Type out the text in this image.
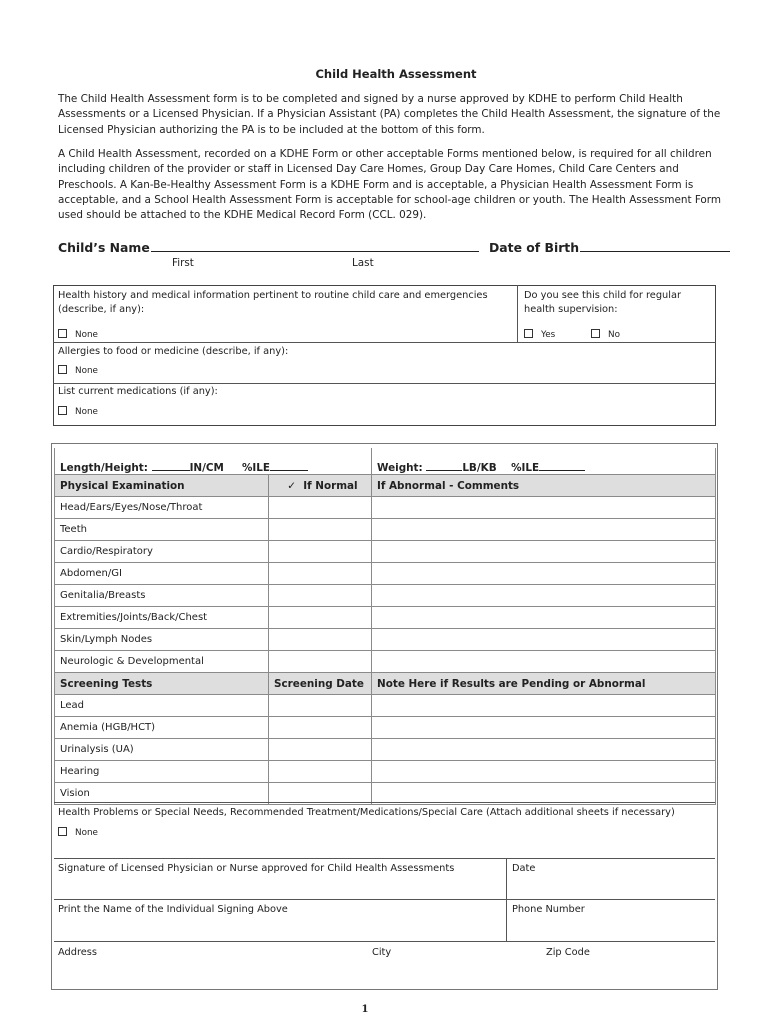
Child Health Assessment
The Child Health Assessment form is to be completed and signed by a nurse approved by KDHE to perform Child Health Assessments or a Licensed Physician. If a Physician Assistant (PA) completes the Child Health Assessment, the signature of the Licensed Physician authorizing the PA is to be included at the bottom of this form.
A Child Health Assessment, recorded on a KDHE Form or other acceptable Forms mentioned below, is required for all children including children of the provider or staff in Licensed Day Care Homes, Group Day Care Homes, Child Care Centers and Preschools. A Kan-Be-Healthy Assessment Form is a KDHE Form and is acceptable, a Physician Health Assessment Form is acceptable, and a School Health Assessment Form is acceptable for school-age children or youth. The Health Assessment Form used should be attached to the KDHE Medical Record Form (CCL. 029).
Child’s Name	Date of Birth
First	Last
Health history and medical information pertinent to routine child care and emergencies (describe, if any):
None
Do you see this child for regular health supervision:
Yes	No
Allergies to food or medicine (describe, if any):
None
List current medications (if any):
None
Length/Height: IN/CM %ILE		Weight: LB/KB %ILE
Physical Examination	✓ If Normal	If Abnormal - Comments
Head/Ears/Eyes/Nose/Throat		
Teeth		
Cardio/Respiratory		
Abdomen/GI		
Genitalia/Breasts		
Extremities/Joints/Back/Chest		
Skin/Lymph Nodes		
Neurologic & Developmental		
Screening Tests	Screening Date	Note Here if Results are Pending or Abnormal
Lead		
Anemia (HGB/HCT)		
Urinalysis (UA)		
Hearing		
Vision		
Health Problems or Special Needs, Recommended Treatment/Medications/Special Care (Attach additional sheets if necessary)
None
Signature of Licensed Physician or Nurse approved for Child Health Assessments	Date
Print the Name of the Individual Signing Above	Phone Number
Address	City	Zip Code
1
